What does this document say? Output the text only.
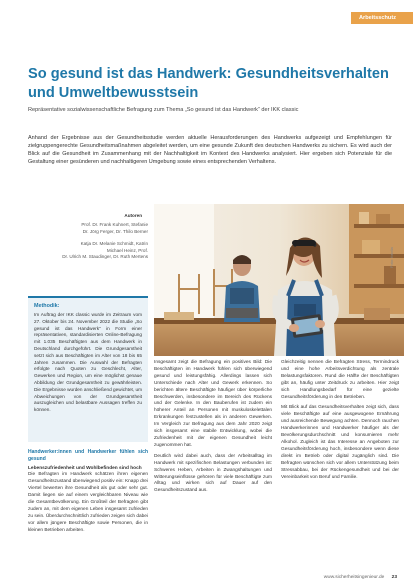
Arbeitsschutz
So gesund ist das Handwerk: Gesundheitsverhalten und Umweltbewusstsein
Repräsentative sozialwissenschaftliche Befragung zum Thema „So gesund ist das Handwerk“ der IKK classic
Anhand der Ergebnisse aus der Gesundheitsstudie werden aktuelle Herausforderungen des Handwerks aufgezeigt und Empfehlungen für zielgruppengerechte Gesundheitsmaßnahmen abgeleitet werden, um eine gesunde Zukunft des deutschen Handwerks zu sichern. Es wird auch der Blick auf die Gesundheit im Zusammenhang mit der Nachhaltigkeit im Kontext des Handwerks analysiert. Hier ergeben sich Potenziale für die Gestaltung einer gesünderen und nachhaltigeren Umgebung sowie eines entsprechenden Verhaltens.
Autoren
Prof. Dr. Frank Kuhnert, Stefanie
Dr. Jörg Ferger, Dr. Thilo Berner
Katja Dr. Melanie Schmidt, Katrin
Michael Heinz, Prof.
Dr. Ulrich M. Staudinger, Dr. Ruth Mertens	Foto: fotolia
Methodik:
Im Auftrag der IKK classic wurde im Zeitraum vom 27. Oktober bis 24. November 2022 die Studie „So gesund ist das Handwerk“ in Form einer repräsentativen, standardisierten Online-Befragung mit 1.035 Beschäftigten aus dem Handwerk in Deutschland durchgeführt. Die Grundgesamtheit setzt sich aus Beschäftigten im Alter von 18 bis 65 Jahren zusammen. Die Auswahl der Befragten erfolgte nach Quoten zu Geschlecht, Alter, Gewerken und Region, um eine möglichst genaue Abbildung der Grundgesamtheit zu gewährleisten. Die Ergebnisse wurden anschließend gewichtet, um Abweichungen von der Grundgesamtheit auszugleichen und belastbare Aussagen treffen zu können.
Handwerker:innen und Handwerker fühlen sich gesund
Lebenszufriedenheit und Wohlbefinden sind hoch

Die Befragten im Handwerk schätzen ihren eigenen Gesundheitszustand überwiegend positiv ein: Knapp drei Viertel bewerten ihre Gesundheit als gut oder sehr gut. Damit liegen sie auf einem vergleichbaren Niveau wie die Gesamtbevölkerung. Ein Großteil der Befragten gibt zudem an, mit dem eigenen Leben insgesamt zufrieden zu sein. Überdurchschnittlich zufrieden zeigen sich dabei vor allem jüngere Beschäftigte sowie Personen, die in kleinen Betrieben arbeiten.

Insgesamt zeigt die Befragung ein positives Bild: Die Beschäftigten im Handwerk fühlen sich überwiegend gesund und leistungsfähig. Allerdings lassen sich Unterschiede nach Alter und Gewerk erkennen. So berichten ältere Beschäftigte häufiger über körperliche Beschwerden, insbesondere im Bereich des Rückens und der Gelenke. In den Bauberufen ist zudem ein höherer Anteil an Personen mit muskuloskelettalen Erkrankungen festzustellen als in anderen Gewerken. Im Vergleich zur Befragung aus dem Jahr 2020 zeigt sich insgesamt eine stabile Entwicklung, wobei die Zufriedenheit mit der eigenen Gesundheit leicht zugenommen hat.

Deutlich wird dabei auch, dass der Arbeitsalltag im Handwerk mit spezifischen Belastungen verbunden ist: Schweres Heben, Arbeiten in Zwangshaltungen und Witterungseinflüsse gehören für viele Beschäftigte zum Alltag und wirken sich auf Dauer auf den Gesundheitszustand aus.

Gleichzeitig nennen die Befragten Stress, Termindruck und eine hohe Arbeitsverdichtung als zentrale Belastungsfaktoren. Rund die Hälfte der Beschäftigten gibt an, häufig unter Zeitdruck zu arbeiten. Hier zeigt sich Handlungsbedarf für eine gezielte Gesundheitsförderung in den Betrieben.

Mit Blick auf das Gesundheitsverhalten zeigt sich, dass viele Beschäftigte auf eine ausgewogene Ernährung und ausreichende Bewegung achten. Dennoch rauchen Handwerkerinnen und Handwerker häufiger als der Bevölkerungsdurchschnitt und konsumieren mehr Alkohol. Zugleich ist das Interesse an Angeboten zur Gesundheitsförderung hoch, insbesondere wenn diese direkt im Betrieb oder digital zugänglich sind. Die Befragten wünschen sich vor allem Unterstützung beim Stressabbau, bei der Rückengesundheit und bei der Vereinbarkeit von Beruf und Familie.

www.sicherheitsingenieur.de 23
